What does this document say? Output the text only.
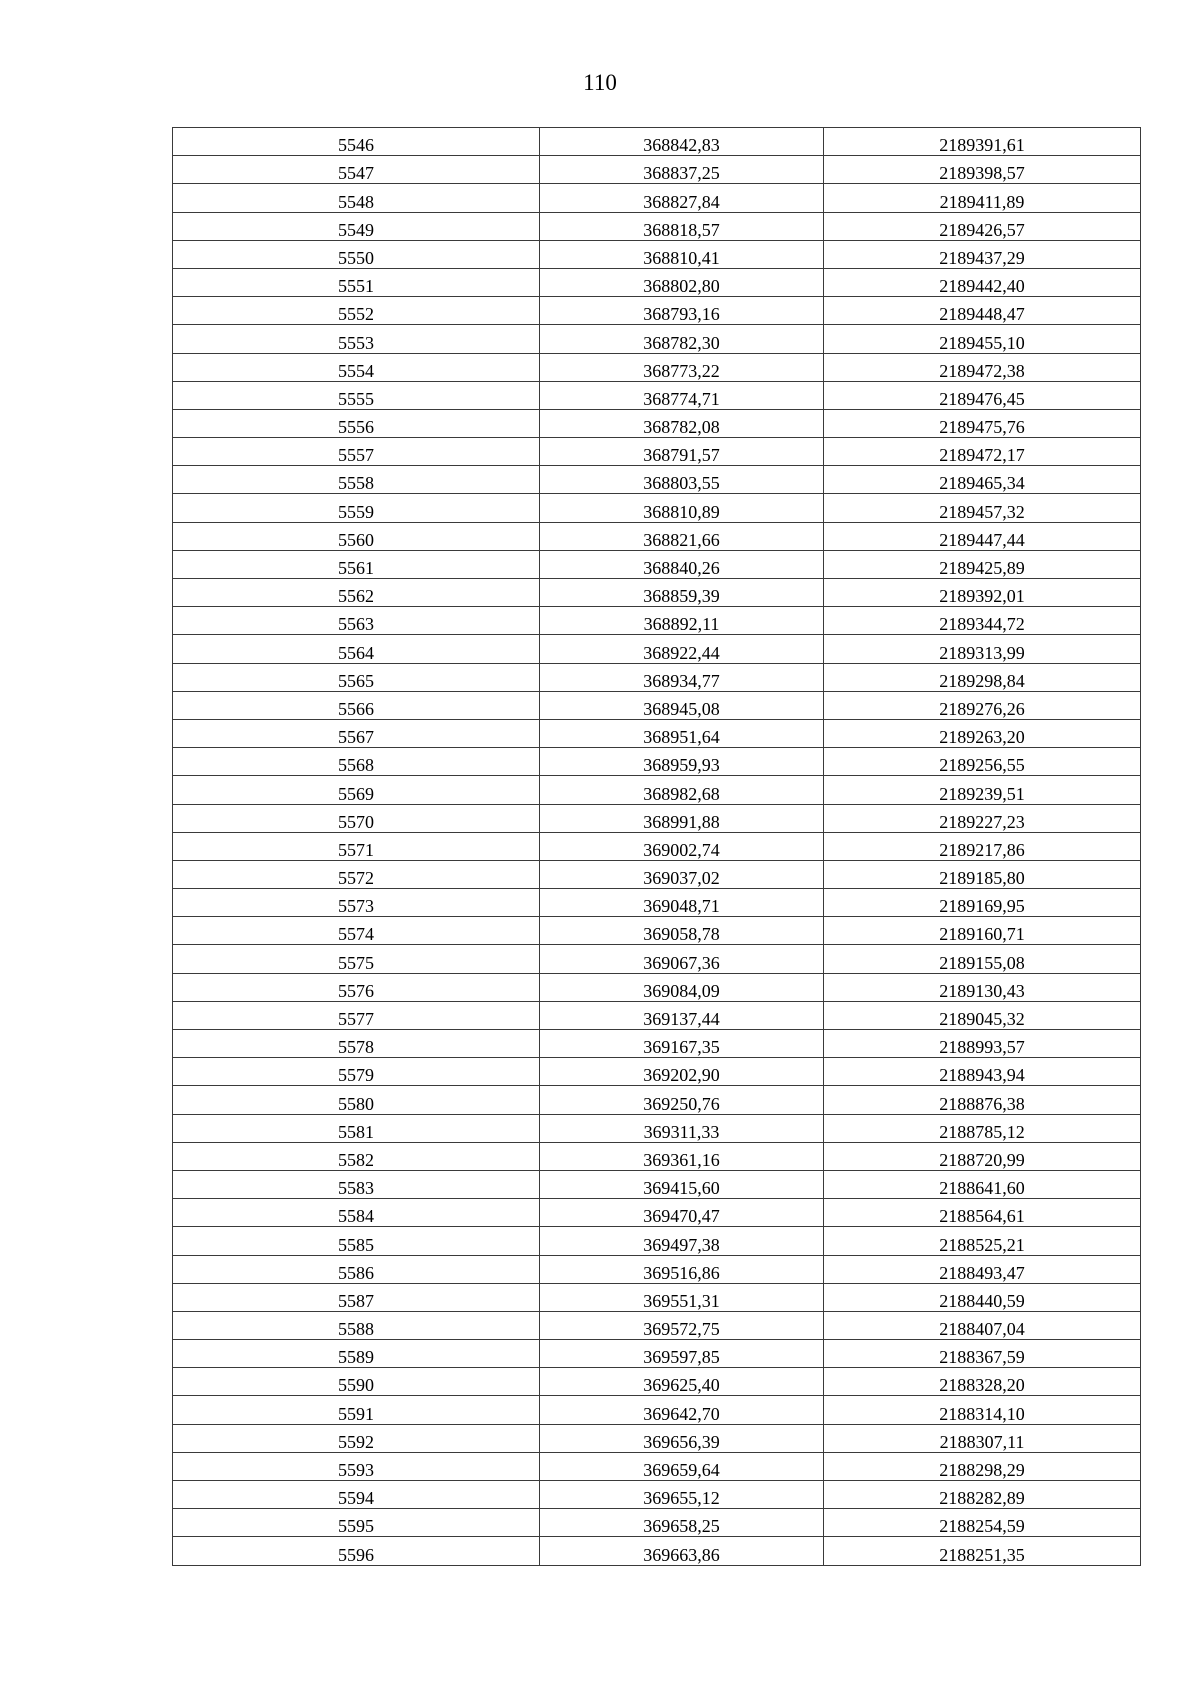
110
5546	368842,83	2189391,61
5547	368837,25	2189398,57
5548	368827,84	2189411,89
5549	368818,57	2189426,57
5550	368810,41	2189437,29
5551	368802,80	2189442,40
5552	368793,16	2189448,47
5553	368782,30	2189455,10
5554	368773,22	2189472,38
5555	368774,71	2189476,45
5556	368782,08	2189475,76
5557	368791,57	2189472,17
5558	368803,55	2189465,34
5559	368810,89	2189457,32
5560	368821,66	2189447,44
5561	368840,26	2189425,89
5562	368859,39	2189392,01
5563	368892,11	2189344,72
5564	368922,44	2189313,99
5565	368934,77	2189298,84
5566	368945,08	2189276,26
5567	368951,64	2189263,20
5568	368959,93	2189256,55
5569	368982,68	2189239,51
5570	368991,88	2189227,23
5571	369002,74	2189217,86
5572	369037,02	2189185,80
5573	369048,71	2189169,95
5574	369058,78	2189160,71
5575	369067,36	2189155,08
5576	369084,09	2189130,43
5577	369137,44	2189045,32
5578	369167,35	2188993,57
5579	369202,90	2188943,94
5580	369250,76	2188876,38
5581	369311,33	2188785,12
5582	369361,16	2188720,99
5583	369415,60	2188641,60
5584	369470,47	2188564,61
5585	369497,38	2188525,21
5586	369516,86	2188493,47
5587	369551,31	2188440,59
5588	369572,75	2188407,04
5589	369597,85	2188367,59
5590	369625,40	2188328,20
5591	369642,70	2188314,10
5592	369656,39	2188307,11
5593	369659,64	2188298,29
5594	369655,12	2188282,89
5595	369658,25	2188254,59
5596	369663,86	2188251,35
